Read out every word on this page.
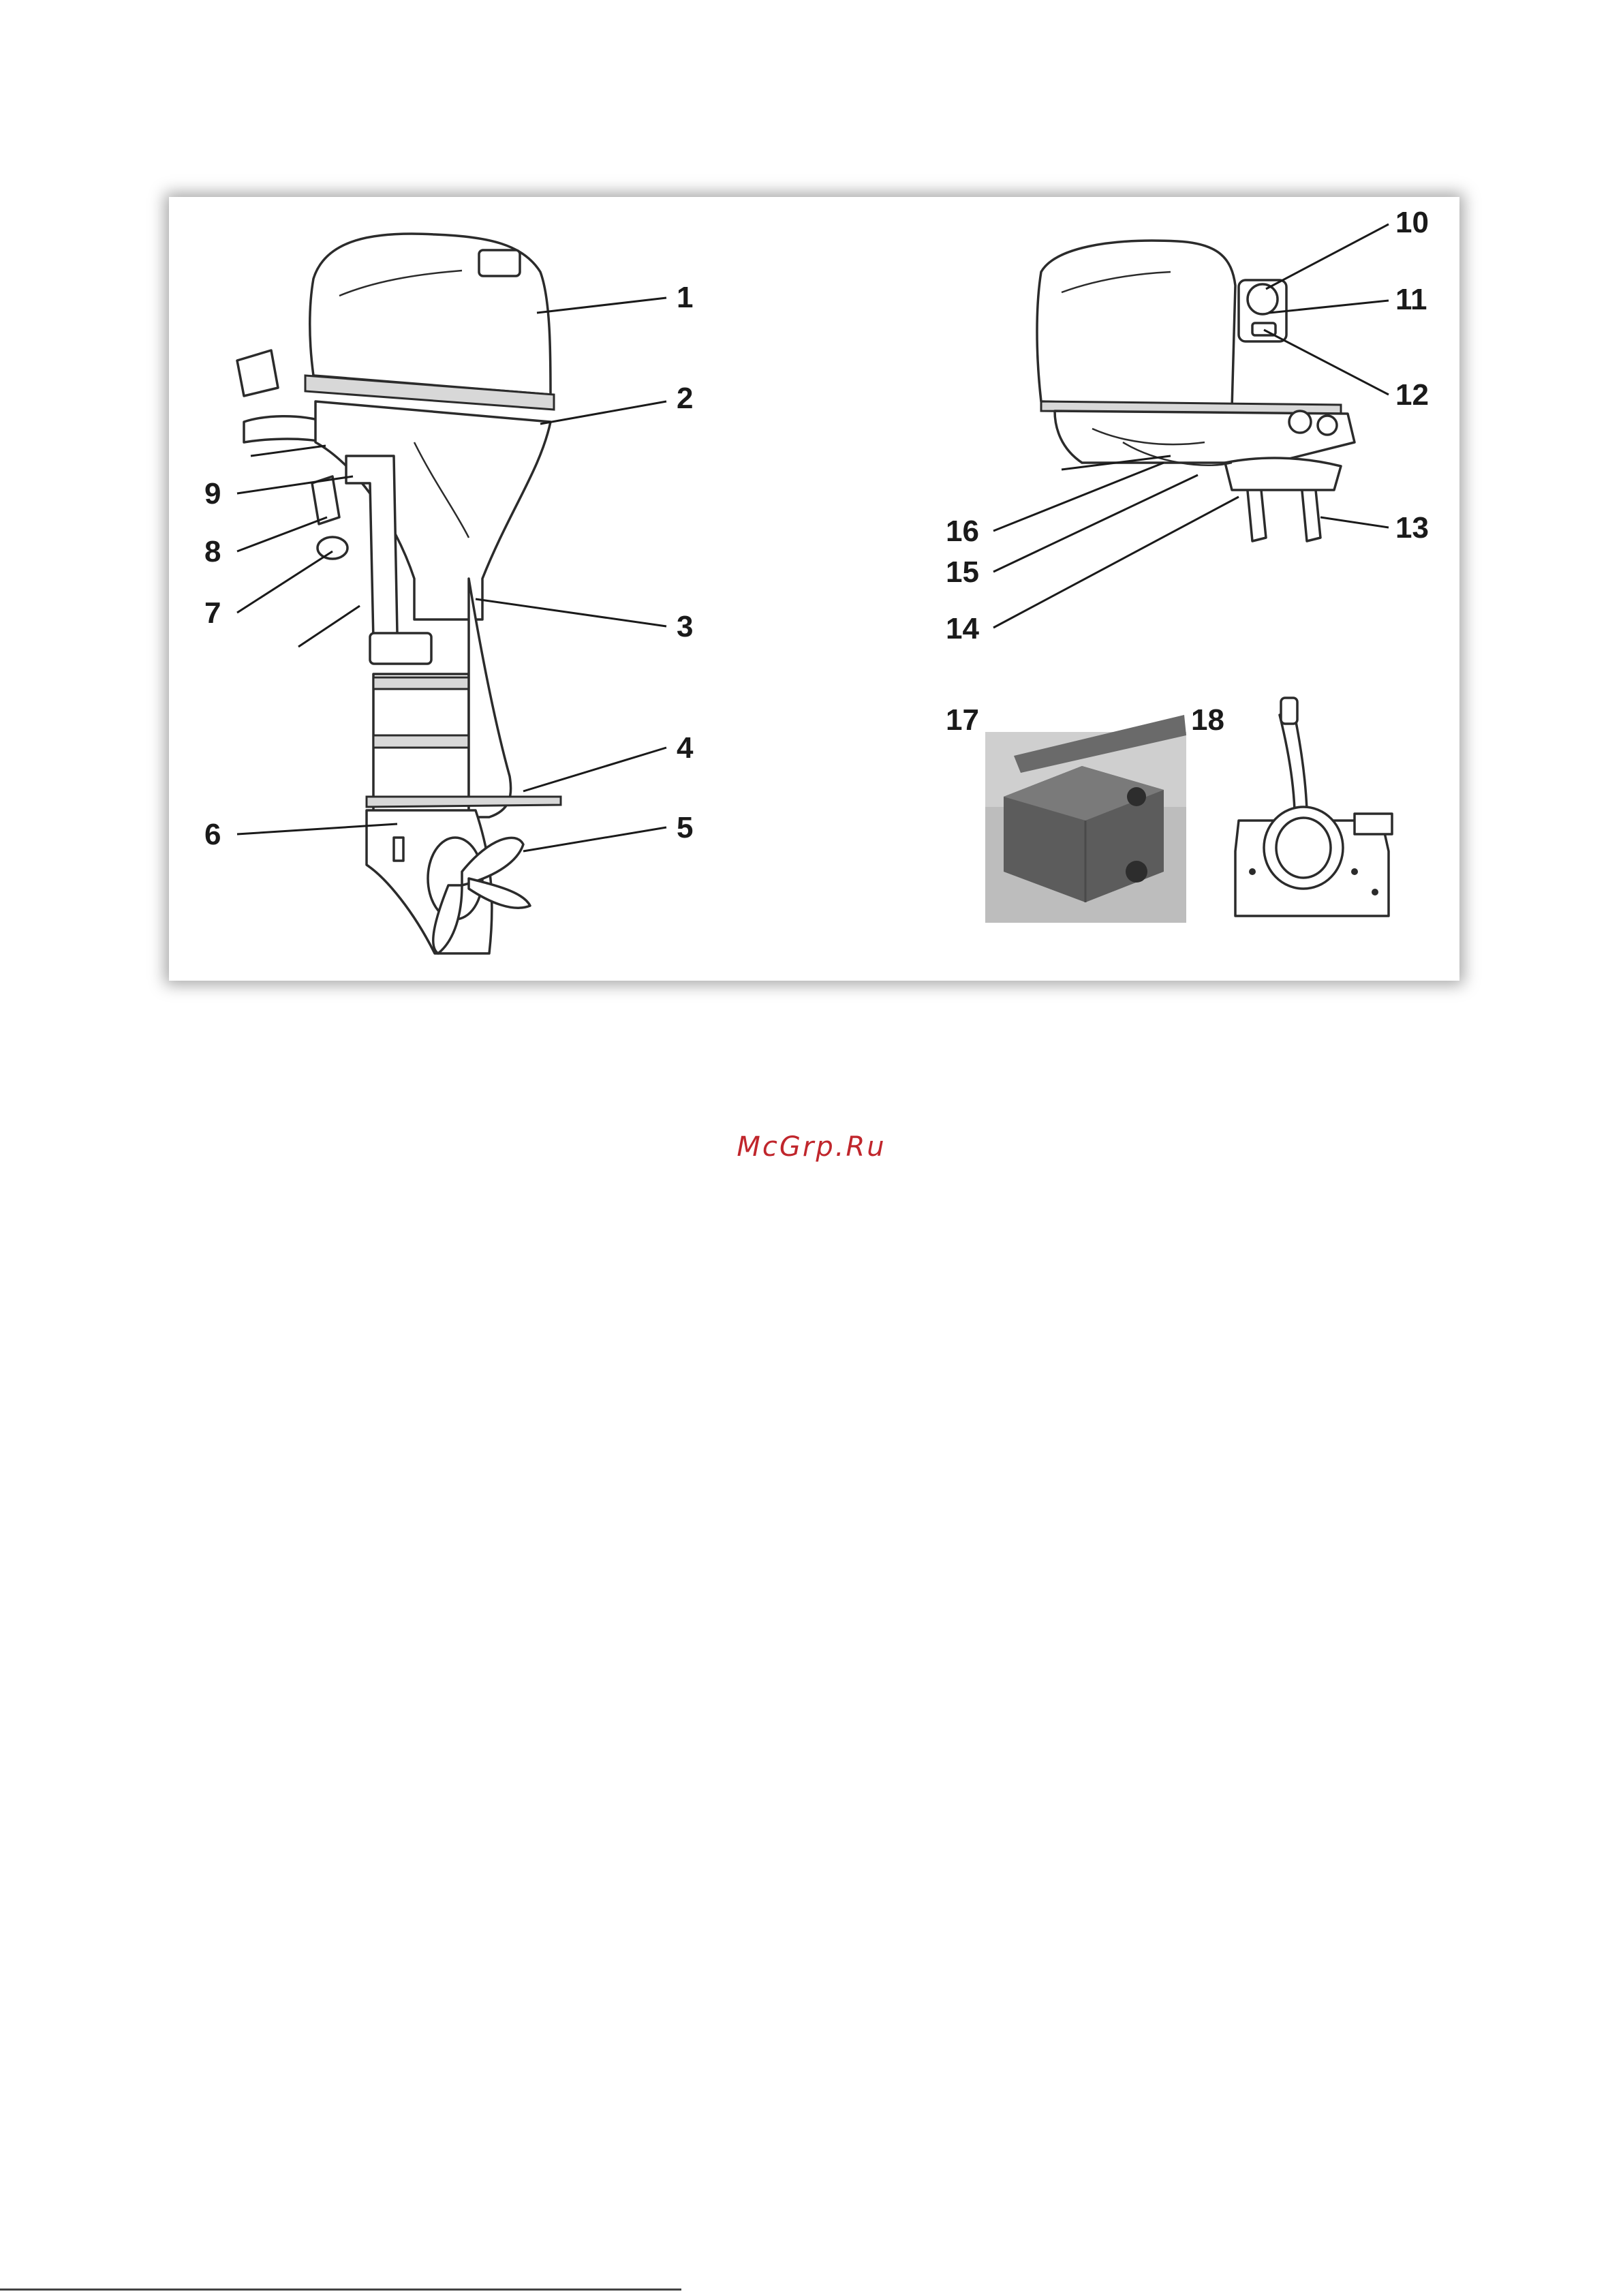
1
2
3
4
5
6
7
8
9
10
11
12
13
14
15
16
17	18
McGrp.Ru
